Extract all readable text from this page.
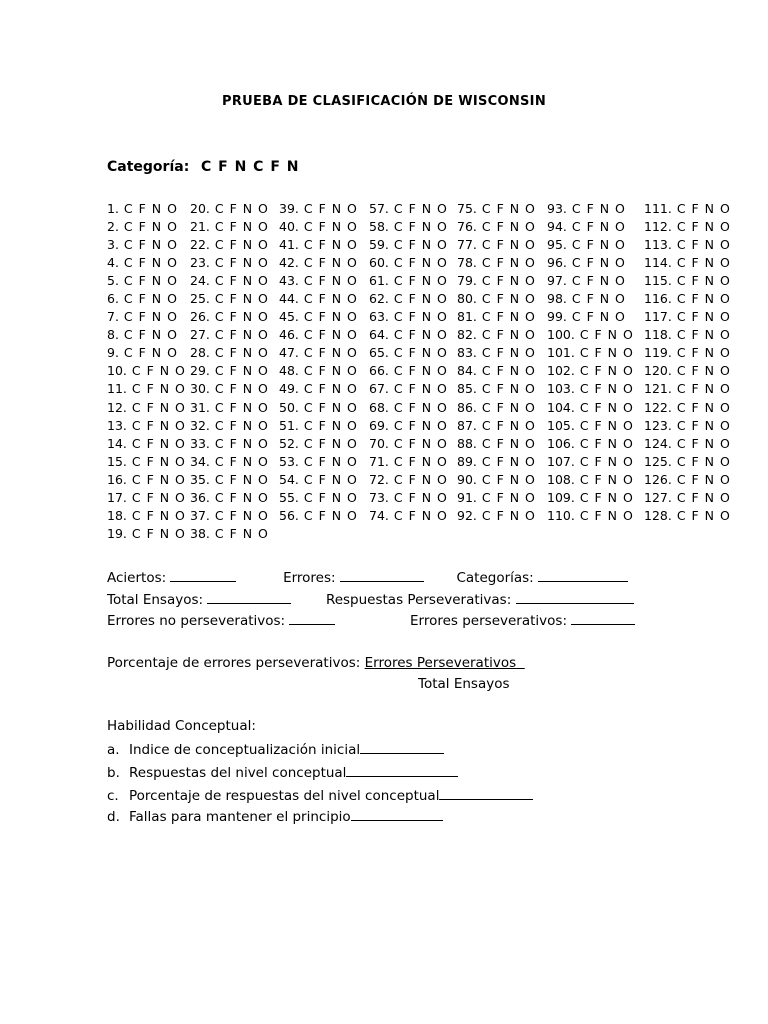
PRUEBA DE CLASIFICACIÓN DE WISCONSIN
Categoría: C F N C F N
1. C F N O
2. C F N O
3. C F N O
4. C F N O
5. C F N O
6. C F N O
7. C F N O
8. C F N O
9. C F N O
10. C F N O
11. C F N O
12. C F N O
13. C F N O
14. C F N O
15. C F N O
16. C F N O
17. C F N O
18. C F N O
19. C F N O
20. C F N O
21. C F N O
22. C F N O
23. C F N O
24. C F N O
25. C F N O
26. C F N O
27. C F N O
28. C F N O
29. C F N O
30. C F N O
31. C F N O
32. C F N O
33. C F N O
34. C F N O
35. C F N O
36. C F N O
37. C F N O
38. C F N O
39. C F N O
40. C F N O
41. C F N O
42. C F N O
43. C F N O
44. C F N O
45. C F N O
46. C F N O
47. C F N O
48. C F N O
49. C F N O
50. C F N O
51. C F N O
52. C F N O
53. C F N O
54. C F N O
55. C F N O
56. C F N O
57. C F N O
58. C F N O
59. C F N O
60. C F N O
61. C F N O
62. C F N O
63. C F N O
64. C F N O
65. C F N O
66. C F N O
67. C F N O
68. C F N O
69. C F N O
70. C F N O
71. C F N O
72. C F N O
73. C F N O
74. C F N O
75. C F N O
76. C F N O
77. C F N O
78. C F N O
79. C F N O
80. C F N O
81. C F N O
82. C F N O
83. C F N O
84. C F N O
85. C F N O
86. C F N O
87. C F N O
88. C F N O
89. C F N O
90. C F N O
91. C F N O
92. C F N O
93. C F N O
94. C F N O
95. C F N O
96. C F N O
97. C F N O
98. C F N O
99. C F N O
100. C F N O
101. C F N O
102. C F N O
103. C F N O
104. C F N O
105. C F N O
106. C F N O
107. C F N O
108. C F N O
109. C F N O
110. C F N O
111. C F N O
112. C F N O
113. C F N O
114. C F N O
115. C F N O
116. C F N O
117. C F N O
118. C F N O
119. C F N O
120. C F N O
121. C F N O
122. C F N O
123. C F N O
124. C F N O
125. C F N O
126. C F N O
127. C F N O
128. C F N O
Aciertos:	Errores:	Categorías:
Total Ensayos:	Respuestas Perseverativas:
Errores no perseverativos:	Errores perseverativos:
Porcentaje de errores perseverativos: Errores Perseverativos
Total Ensayos
Habilidad Conceptual:
a. Indice de conceptualización inicial
b. Respuestas del nivel conceptual
c. Porcentaje de respuestas del nivel conceptual
d. Fallas para mantener el principio
